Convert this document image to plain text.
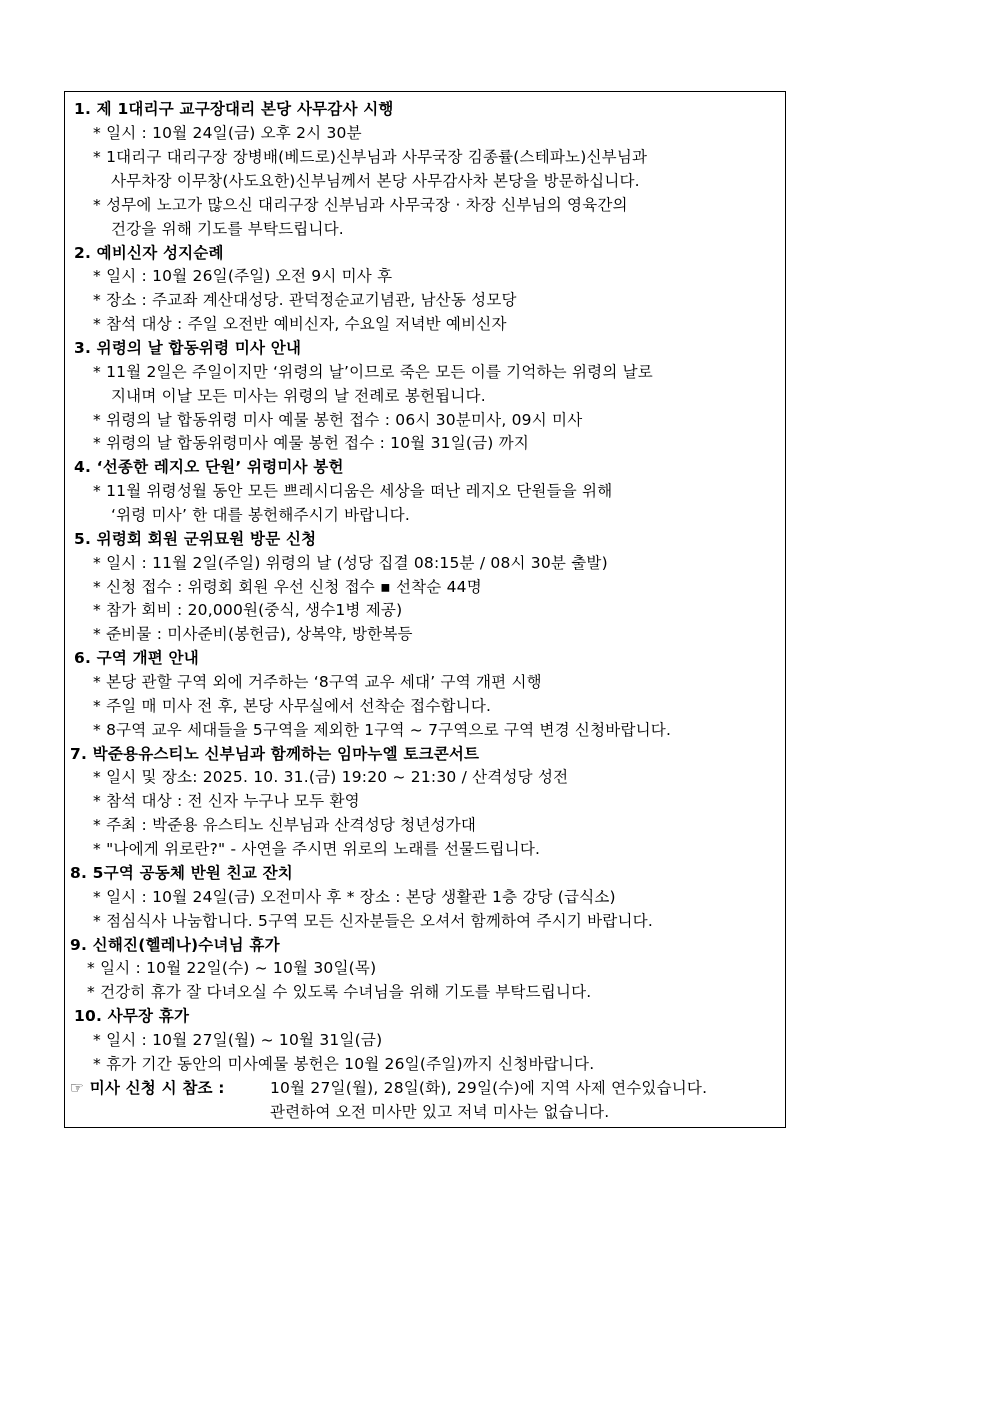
1. 제 1대리구 교구장대리 본당 사무감사 시행
* 일시 : 10월 24일(금) 오후 2시 30분
* 1대리구 대리구장 장병배(베드로)신부님과 사무국장 김종률(스테파노)신부님과
사무차장 이무창(사도요한)신부님께서 본당 사무감사차 본당을 방문하십니다.
* 성무에 노고가 많으신 대리구장 신부님과 사무국장 · 차장 신부님의 영육간의
건강을 위해 기도를 부탁드립니다.
2. 예비신자 성지순례
* 일시 : 10월 26일(주일) 오전 9시 미사 후
* 장소 : 주교좌 계산대성당. 관덕정순교기념관, 남산동 성모당
* 참석 대상 : 주일 오전반 예비신자, 수요일 저녁반 예비신자
3. 위령의 날 합동위령 미사 안내
* 11월 2일은 주일이지만 ‘위령의 날’이므로 죽은 모든 이를 기억하는 위령의 날로
지내며 이날 모든 미사는 위령의 날 전례로 봉헌됩니다.
* 위령의 날 합동위령 미사 예물 봉헌 접수 : 06시 30분미사, 09시 미사
* 위령의 날 합동위령미사 예물 봉헌 접수 : 10월 31일(금) 까지
4. ‘선종한 레지오 단원’ 위령미사 봉헌
* 11월 위령성월 동안 모든 쁘레시디움은 세상을 떠난 레지오 단원들을 위해
‘위령 미사’ 한 대를 봉헌해주시기 바랍니다.
5. 위령회 회원 군위묘원 방문 신청
* 일시 : 11월 2일(주일) 위령의 날 (성당 집결 08:15분 / 08시 30분 출발)
* 신청 접수 : 위령회 회원 우선 신청 접수 ▪ 선착순 44명
* 참가 회비 : 20,000원(중식, 생수1병 제공)
* 준비물 : 미사준비(봉헌금), 상복약, 방한복등
6. 구역 개편 안내
* 본당 관할 구역 외에 거주하는 ‘8구역 교우 세대’ 구역 개편 시행
* 주일 매 미사 전 후, 본당 사무실에서 선착순 접수합니다.
* 8구역 교우 세대들을 5구역을 제외한 1구역 ~ 7구역으로 구역 변경 신청바랍니다.
7. 박준용유스티노 신부님과 함께하는 임마누엘 토크콘서트
* 일시 및 장소: 2025. 10. 31.(금) 19:20 ~ 21:30 / 산격성당 성전
* 참석 대상 : 전 신자 누구나 모두 환영
* 주최 : 박준용 유스티노 신부님과 산격성당 청년성가대
* "나에게 위로란?" - 사연을 주시면 위로의 노래를 선물드립니다.
8. 5구역 공동체 반원 친교 잔치
* 일시 : 10월 24일(금) 오전미사 후 * 장소 : 본당 생활관 1층 강당 (급식소)
* 점심식사 나눔합니다. 5구역 모든 신자분들은 오셔서 함께하여 주시기 바랍니다.
9. 신해진(헬레나)수녀님 휴가
* 일시 : 10월 22일(수) ~ 10월 30일(목)
* 건강히 휴가 잘 다녀오실 수 있도록 수녀님을 위해 기도를 부탁드립니다.
10. 사무장 휴가
* 일시 : 10월 27일(월) ~ 10월 31일(금)
* 휴가 기간 동안의 미사예물 봉헌은 10월 26일(주일)까지 신청바랍니다.
☞ 미사 신청 시 참조 :	10월 27일(월), 28일(화), 29일(수)에 지역 사제 연수있습니다.
관련하여 오전 미사만 있고 저녁 미사는 없습니다.
